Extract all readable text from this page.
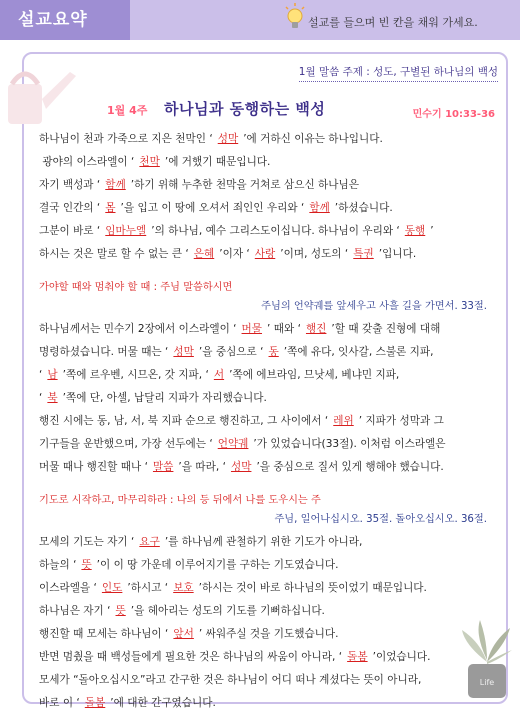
설교요약	설교를 들으며 빈 칸을 채워 가세요.
1월 말씀 주제 : 성도, 구별된 하나님의 백성
1월 4주 하나님과 동행하는 백성	민수기 10:33-36
하나님이 천과 가죽으로 지은 천막인 ‘ 성막 ’에 거하신 이유는 하나입니다.
광야의 이스라엘이 ‘ 천막 ’에 거했기 때문입니다.
자기 백성과 ‘ 함께 ’하기 위해 누추한 천막을 거쳐로 삼으신 하나님은
결국 인간의 ‘ 몸 ’을 입고 이 땅에 오셔서 죄인인 우리와 ‘ 함께 ’하셨습니다.
그분이 바로 ‘ 임마누엘 ’의 하나님, 예수 그리스도이십니다. 하나님이 우리와 ‘ 동행 ’
하시는 것은 말로 할 수 없는 큰 ‘ 은혜 ’이자 ‘ 사랑 ’이며, 성도의 ‘ 특권 ’입니다.
가야할 때와 멈춰야 할 때 : 주님 말씀하시면
주님의 언약궤를 앞세우고 사흘 길을 가면서. 33절.
하나님께서는 민수기 2장에서 이스라엘이 ‘ 머물 ’ 때와 ‘ 행진 ’할 때 갖출 진형에 대해
명령하셨습니다. 머물 때는 ‘ 성막 ’을 중심으로 ‘ 동 ’쪽에 유다, 잇사갈, 스불론 지파,
‘ 남 ’쪽에 르우벤, 시므온, 갓 지파, ‘ 서 ’쪽에 에브라임, 므낫세, 베냐민 지파,
‘ 북 ’쪽에 단, 아셀, 납달리 지파가 자리했습니다.
행진 시에는 동, 남, 서, 북 지파 순으로 행진하고, 그 사이에서 ‘ 레위 ’ 지파가 성막과 그
기구들을 운반했으며, 가장 선두에는 ‘ 언약궤 ’가 있었습니다(33절). 이처럼 이스라엘은
머물 때나 행진할 때나 ‘ 말씀 ’을 따라, ‘ 성막 ’을 중심으로 질서 있게 행해야 했습니다.
기도로 시작하고, 마무리하라 : 나의 등 뒤에서 나를 도우시는 주
주님, 일어나십시오. 35절. 돌아오십시오. 36절.
모세의 기도는 자기 ‘ 요구 ’를 하나님께 관철하기 위한 기도가 아니라,
하늘의 ‘ 뜻 ’이 이 땅 가운데 이루어지기를 구하는 기도였습니다.
이스라엘을 ‘ 인도 ’하시고 ‘ 보호 ’하시는 것이 바로 하나님의 뜻이었기 때문입니다.
하나님은 자기 ‘ 뜻 ’을 헤아리는 성도의 기도를 기뻐하십니다.
행진할 때 모세는 하나님이 ‘ 앞서 ’ 싸워주실 것을 기도했습니다.
반면 멈췄을 때 백성들에게 필요한 것은 하나님의 싸움이 아니라, ‘ 돌봄 ’이었습니다.
모세가 “돌아오십시오”라고 간구한 것은 하나님이 어디 떠나 계셨다는 뜻이 아니라,
바로 이 ‘ 돌봄 ’에 대한 간구였습니다.
Life
